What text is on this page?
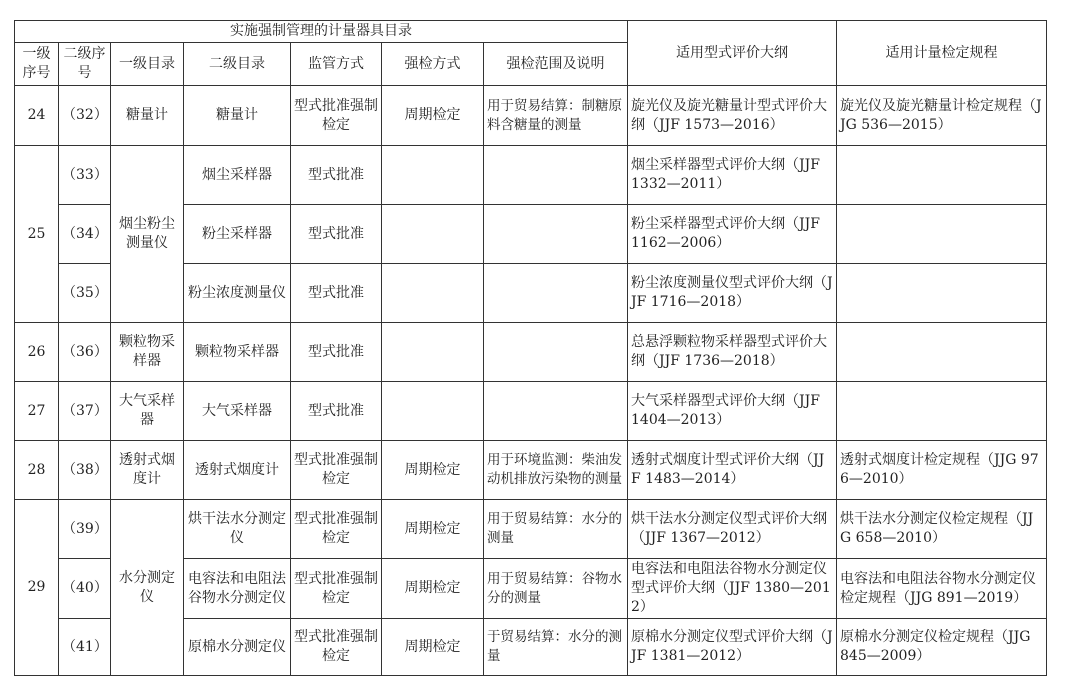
实施强制管理的计量器具目录							适用型式评价大纲	适用计量检定规程
一级序号	二级序号	一级目录	二级目录	监管方式	强检方式	强检范围及说明		
24	（32）	糖量计	糖量计	型式批准强制检定	周期检定	用于贸易结算：制糖原料含糖量的测量	旋光仪及旋光糖量计型式评价大纲（JJF 1573—2016）	旋光仪及旋光糖量计检定规程（JJG 536—2015）
25	（33）	烟尘粉尘测量仪	烟尘采样器	型式批准			烟尘采样器型式评价大纲（JJF 1332—2011）	
	（34）		粉尘采样器	型式批准			粉尘采样器型式评价大纲（JJF 1162—2006）	
	（35）		粉尘浓度测量仪	型式批准			粉尘浓度测量仪型式评价大纲（JJF 1716—2018）	
26	（36）	颗粒物采样器	颗粒物采样器	型式批准			总悬浮颗粒物采样器型式评价大纲（JJF 1736—2018）	
27	（37）	大气采样器	大气采样器	型式批准			大气采样器型式评价大纲（JJF 1404—2013）	
28	（38）	透射式烟度计	透射式烟度计	型式批准强制检定	周期检定	用于环境监测：柴油发动机排放污染物的测量	透射式烟度计型式评价大纲（JJF 1483—2014）	透射式烟度计检定规程（JJG 976—2010）
29	（39）	水分测定仪	烘干法水分测定仪	型式批准强制检定	周期检定	用于贸易结算：水分的测量	烘干法水分测定仪型式评价大纲（JJF 1367—2012）	烘干法水分测定仪检定规程（JJG 658—2010）
	（40）		电容法和电阻法谷物水分测定仪	型式批准强制检定	周期检定	用于贸易结算：谷物水分的测量	电容法和电阻法谷物水分测定仪型式评价大纲（JJF 1380—2012）	电容法和电阻法谷物水分测定仪检定规程（JJG 891—2019）
	（41）		原棉水分测定仪	型式批准强制检定	周期检定	于贸易结算：水分的测量	原棉水分测定仪型式评价大纲（JJF 1381—2012）	原棉水分测定仪检定规程（JJG 845—2009）
